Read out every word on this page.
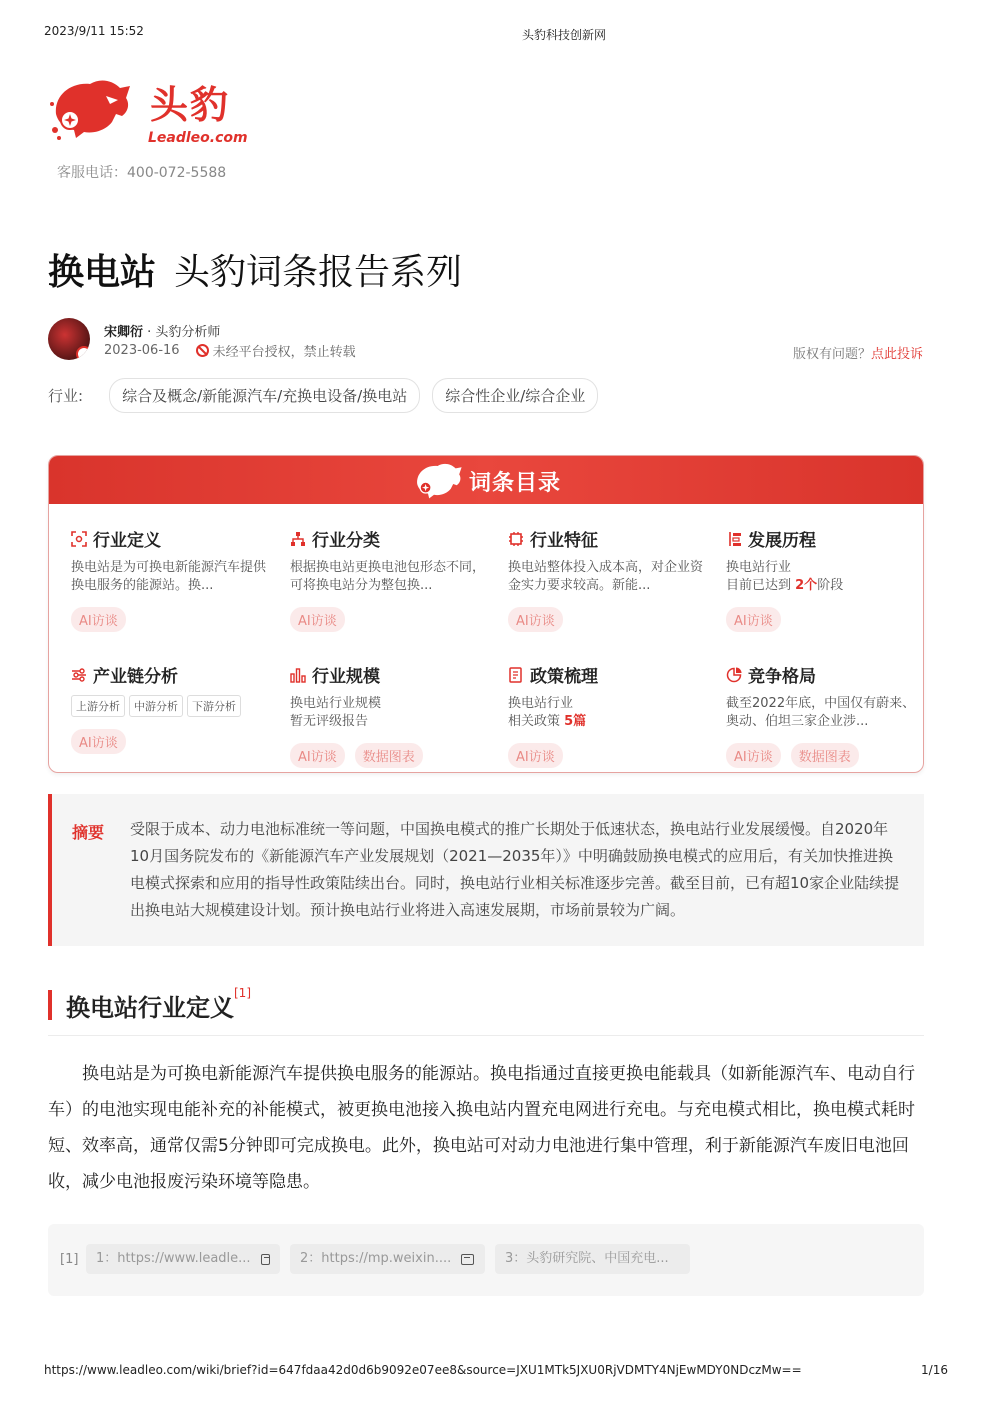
2023/9/11 15:52	头豹科技创新网
头豹
Leadleo.com
客服电话：400-072-5588
换电站 头豹词条报告系列
宋卿衍 · 头豹分析师
2023-06-16	未经平台授权，禁止转载	版权有问题？点此投诉
行业:	综合及概念/新能源汽车/充换电设备/换电站	综合性企业/综合企业
词条目录
行业定义
换电站是为可换电新能源汽车提供换电服务的能源站。换...
AI访谈
行业分类
根据换电站更换电池包形态不同，可将换电站分为整包换...
AI访谈
行业特征
换电站整体投入成本高，对企业资金实力要求较高。新能...
AI访谈
发展历程
换电站行业
目前已达到 2个阶段
AI访谈
产业链分析
上游分析	中游分析	下游分析
AI访谈
行业规模
换电站行业规模
暂无评级报告
AI访谈	数据图表
政策梳理
换电站行业
相关政策 5篇
AI访谈
竞争格局
截至2022年底，中国仅有蔚来、奥动、伯坦三家企业涉...
AI访谈	数据图表
摘要 受限于成本、动力电池标准统一等问题，中国换电模式的推广长期处于低速状态，换电站行业发展缓慢。自2020年10月国务院发布的《新能源汽车产业发展规划（2021—2035年）》中明确鼓励换电模式的应用后，有关加快推进换电模式探索和应用的指导性政策陆续出台。同时，换电站行业相关标准逐步完善。截至目前，已有超10家企业陆续提出换电站大规模建设计划。预计换电站行业将进入高速发展期，市场前景较为广阔。
换电站行业定义[1]
换电站是为可换电新能源汽车提供换电服务的能源站。换电指通过直接更换电能载具（如新能源汽车、电动自行车）的电池实现电能补充的补能模式，被更换电池接入换电站内置充电网进行充电。与充电模式相比，换电模式耗时短、效率高，通常仅需5分钟即可完成换电。此外，换电站可对动力电池进行集中管理，利于新能源汽车废旧电池回收，减少电池报废污染环境等隐患。
[1] 1：https://www.leadle...	2：https://mp.weixin....	3：头豹研究院、中国充电...
https://www.leadleo.com/wiki/brief?id=647fdaa42d0d6b9092e07ee8&source=JXU1MTk5JXU0RjVDMTY4NjEwMDY0NDczMw==	1/16
